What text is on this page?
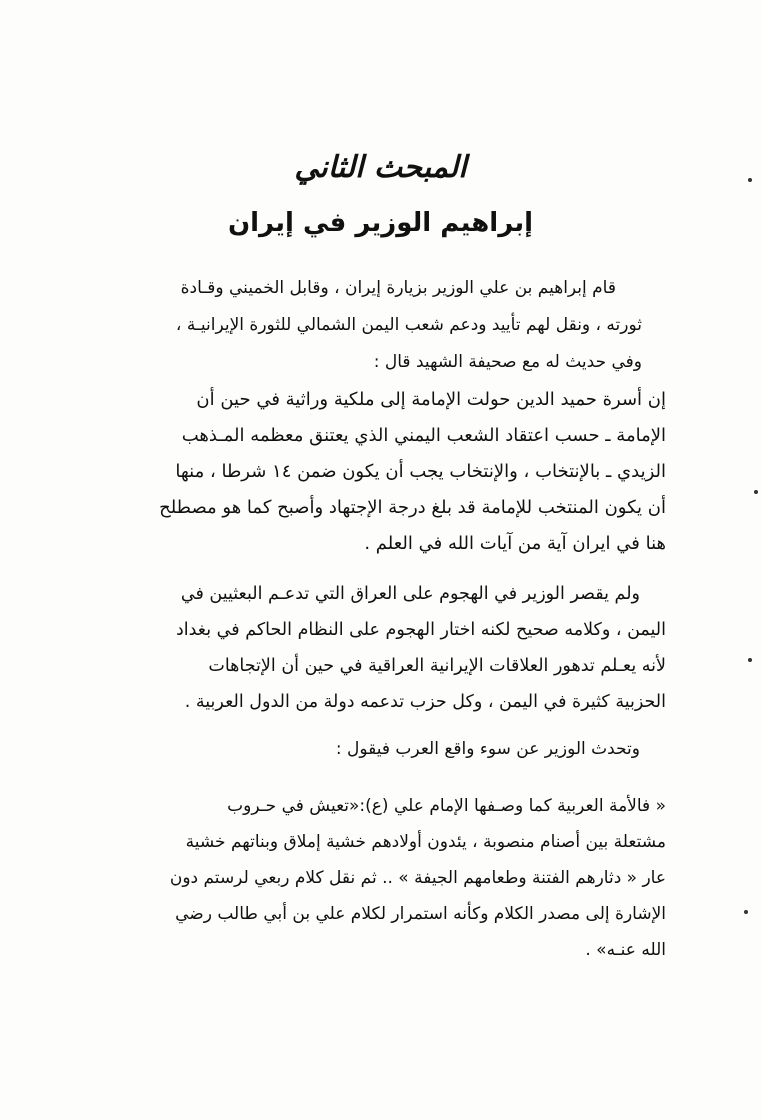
المبحث الثاني
إبراهيم الوزير في إيران
قام إبراهيم بن علي الوزير بزيارة إيران ، وقابل الخميني وقـادة
ثورته ، ونقل لهم تأييد ودعم شعب اليمن الشمالي للثورة الإيرانيـة ،
وفي حديث له مع صحيفة الشهيد قال :
إن أسرة حميد الدين حولت الإمامة إلى ملكية وراثية في حين أن
الإمامة ـ حسب اعتقاد الشعب اليمني الذي يعتنق معظمه المـذهب
الزيدي ـ بالإنتخاب ، والإنتخاب يجب أن يكون ضمن ١٤ شرطا ، منها
أن يكون المنتخب للإمامة قد بلغ درجة الإجتهاد وأصبح كما هو مصطلح
هنا في ايران آية من آيات الله في العلم .
ولم يقصر الوزير في الهجوم على العراق التي تدعـم البعثيين في
اليمن ، وكلامه صحيح لكنه اختار الهجوم على النظام الحاكم في بغداد
لأنه يعـلم تدهور العلاقات الإيرانية العراقية في حين أن الإتجاهات
الحزبية كثيرة في اليمن ، وكل حزب تدعمه دولة من الدول العربية .
وتحدث الوزير عن سوء واقع العرب فيقول :
« فالأمة العربية كما وصـفها الإمام علي (ع):«تعيش في حـروب
مشتعلة بين أصنام منصوبة ، يئدون أولادهم خشية إملاق وبناتهم خشية
عار « دثارهم الفتنة وطعامهم الجيفة » .. ثم نقل كلام ربعي لرستم دون
الإشارة إلى مصدر الكلام وكأنه استمرار لكلام علي بن أبي طالب رضي
الله عنـه» .
